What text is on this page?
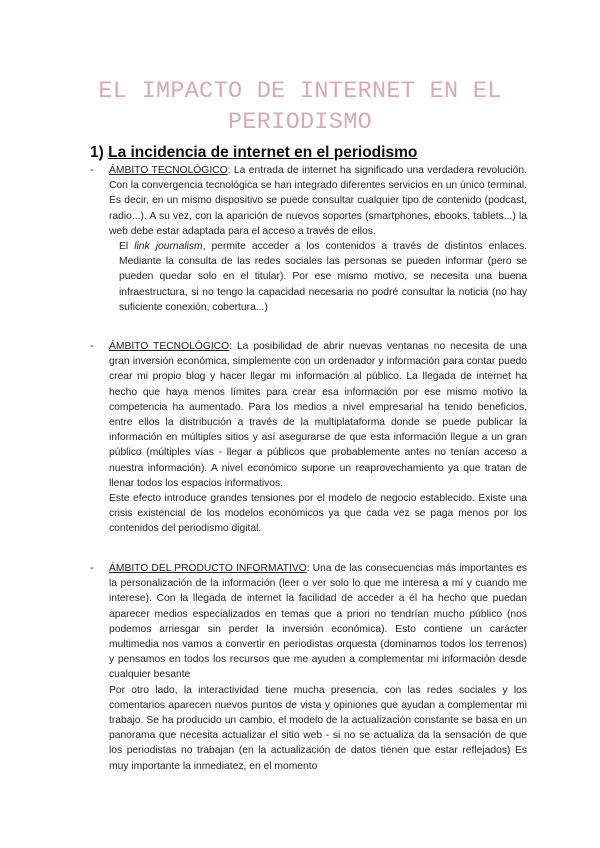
EL IMPACTO DE INTERNET EN EL
PERIODISMO
1) La incidencia de internet en el periodismo
- ÁMBITO TECNOLÓGICO: La entrada de internet ha significado una verdadera revolución. Con la convergencia tecnológica se han integrado diferentes servicios en un único terminal. Es decir, en un mismo dispositivo se puede consultar cualquier tipo de contenido (podcast, radio...). A su vez, con la aparición de nuevos soportes (smartphones, ebooks, tablets...) la web debe estar adaptada para el acceso a través de ellos.

El link journalism, permite acceder a los contenidos a través de distintos enlaces. Mediante la consulta de las redes sociales las personas se pueden informar (pero se pueden quedar solo en el titular). Por ese mismo motivo, se necesita una buena infraestructura, si no tengo la capacidad necesaria no podré consultar la noticia (no hay suficiente conexión, cobertura...)

- ÁMBITO TECNOLÓGICO: La posibilidad de abrir nuevas ventanas no necesita de una gran inversión económica, simplemente con un ordenador y información para contar puedo crear mi propio blog y hacer llegar mi información al público. La llegada de internet ha hecho que haya menos límites para crear esa información por ese mismo motivo la competencia ha aumentado. Para los medios a nivel empresarial ha tenido beneficios, entre ellos la distribución a través de la multiplataforma donde se puede publicar la información en múltiples sitios y así asegurarse de que esta información llegue a un gran público (múltiples vías - llegar a públicos que probablemente antes no tenían acceso a nuestra información). A nivel económico supone un reaprovechamiento ya que tratan de llenar todos los espacios informativos.

Este efecto introduce grandes tensiones por el modelo de negocio establecido. Existe una crisis existencial de los modelos económicos ya que cada vez se paga menos por los contenidos del periodismo digital.

- ÁMBITO DEL PRODUCTO INFORMATIVO: Una de las consecuencias más importantes es la personalización de la información (leer o ver solo lo que me interesa a mí y cuando me interese). Con la llegada de internet la facilidad de acceder a él ha hecho que puedan aparecer medios especializados en temas que a priori no tendrían mucho público (nos podemos arriesgar sin perder la inversión económica). Esto contiene un carácter multimedia nos vamos a convertir en periodistas orquesta (dominamos todos los terrenos) y pensamos en todos los recursos que me ayuden a complementar mi información desde cualquier besante

Por otro lado, la interactividad tiene mucha presencia, con las redes sociales y los comentarios aparecen nuevos puntos de vista y opiniones que ayudan a complementar mi trabajo. Se ha producido un cambio, el modelo de la actualización constante se basa en un panorama que necesita actualizar el sitio web - si no se actualiza da la sensación de que los periodistas no trabajan (en la actualización de datos tienen que estar reflejados) Es muy importante la inmediatez, en el momento
